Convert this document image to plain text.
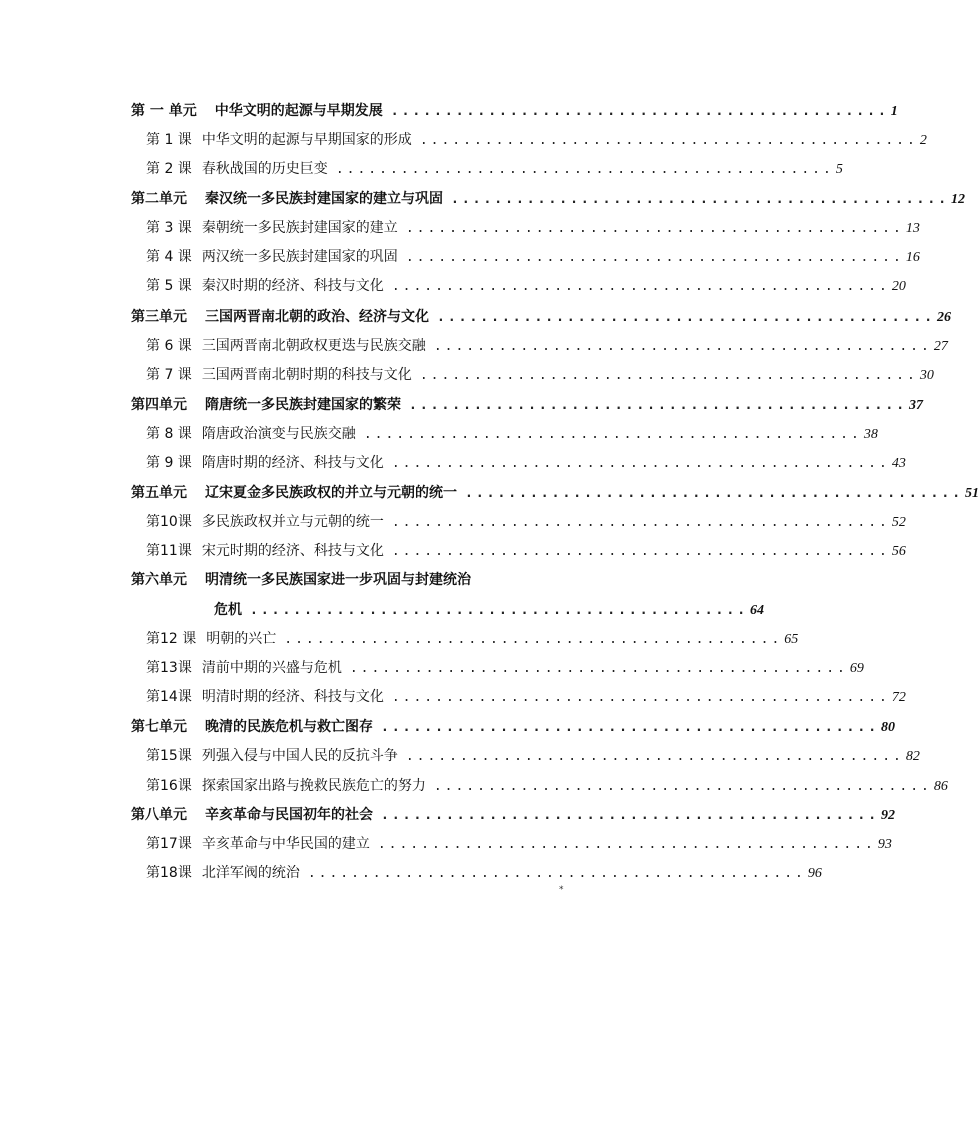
第 一 单元 中华文明的起源与早期发展 .............................................. 1
第 1 课 中华文明的起源与早期国家的形成 .............................................. 2
第 2 课 春秋战国的历史巨变 .............................................. 5
第二单元 秦汉统一多民族封建国家的建立与巩固 .............................................. 12
第 3 课 秦朝统一多民族封建国家的建立 .............................................. 13
第 4 课 两汉统一多民族封建国家的巩固 .............................................. 16
第 5 课 秦汉时期的经济、科技与文化 .............................................. 20
第三单元 三国两晋南北朝的政治、经济与文化 .............................................. 26
第 6 课 三国两晋南北朝政权更迭与民族交融 .............................................. 27
第 7 课 三国两晋南北朝时期的科技与文化 .............................................. 30
第四单元 隋唐统一多民族封建国家的繁荣 .............................................. 37
第 8 课 隋唐政治演变与民族交融 .............................................. 38
第 9 课 隋唐时期的经济、科技与文化 .............................................. 43
第五单元 辽宋夏金多民族政权的并立与元朝的统一 .............................................. 51
第10课 多民族政权并立与元朝的统一 .............................................. 52
第11课 宋元时期的经济、科技与文化 .............................................. 56
第六单元 明清统一多民族国家进一步巩固与封建统治
危机 .............................................. 64
第12 课 明朝的兴亡 .............................................. 65
第13课 清前中期的兴盛与危机 .............................................. 69
第14课 明清时期的经济、科技与文化 .............................................. 72
第七单元 晚清的民族危机与救亡图存 .............................................. 80
第15课 列强入侵与中国人民的反抗斗争 .............................................. 82
第16课 探索国家出路与挽救民族危亡的努力 .............................................. 86
第八单元 辛亥革命与民国初年的社会 .............................................. 92
第17课 辛亥革命与中华民国的建立 .............................................. 93
第18课 北洋军阀的统治 .............................................. 96
*
